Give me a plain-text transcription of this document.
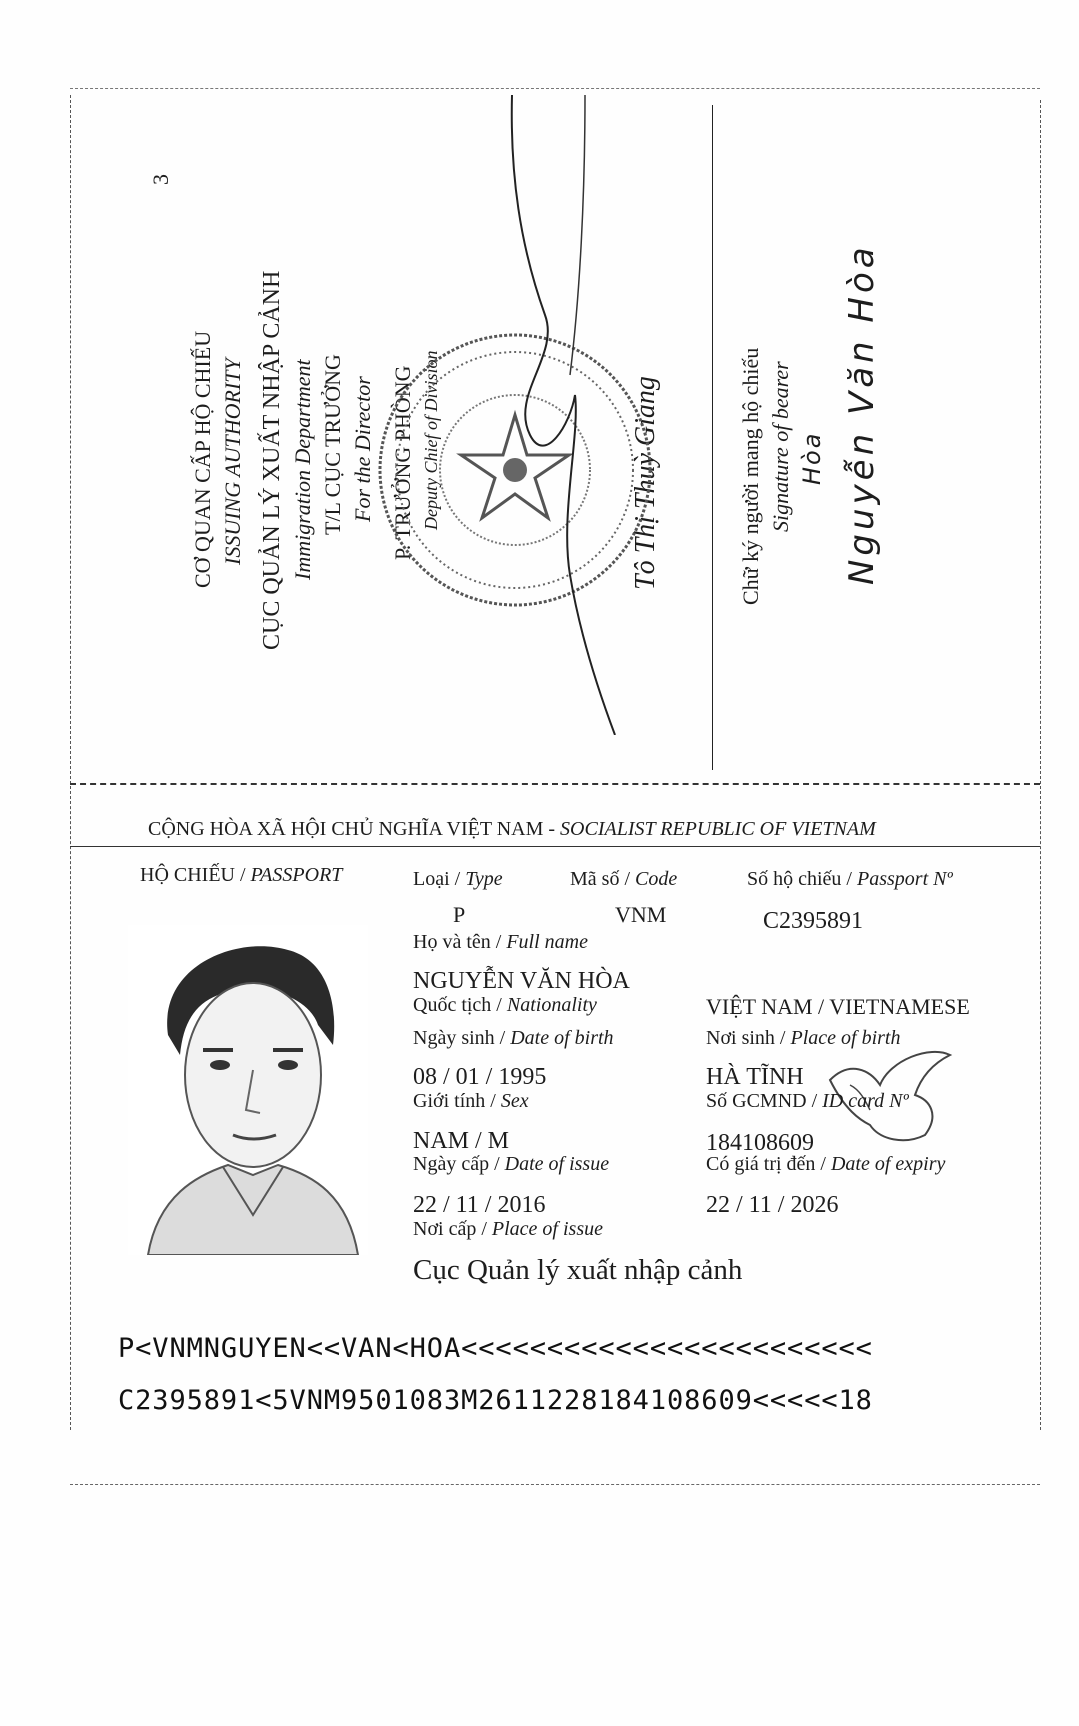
3
CƠ QUAN CẤP HỘ CHIẾU ISSUING AUTHORITY CỤC QUẢN LÝ XUẤT NHẬP CẢNH Immigration Department T/L CỤC TRƯỞNG For the Director P. TRƯỞNG PHÒNG Deputy Chief of Division	Tô Thị Thuỳ Giang	Chữ ký người mang hộ chiếu Signature of bearer Hòa Nguyễn Văn Hòa
CỘNG HÒA XÃ HỘI CHỦ NGHĨA VIỆT NAM - SOCIALIST REPUBLIC OF VIETNAM
HỘ CHIẾU / PASSPORT	Loại / Type	Mã số / Code	Số hộ chiếu / Passport Nº
P	VNM	C2395891
Họ và tên / Full name
NGUYỄN VĂN HÒA
Quốc tịch / Nationality	VIỆT NAM / VIETNAMESE
Ngày sinh / Date of birth	Nơi sinh / Place of birth
08 / 01 / 1995	HÀ TĨNH
Giới tính / Sex	Số GCMND / ID card Nº
NAM / M	184108609
Ngày cấp / Date of issue	Có giá trị đến / Date of expiry
22 / 11 / 2016	22 / 11 / 2026
Nơi cấp / Place of issue
Cục Quản lý xuất nhập cảnh
P<VNMNGUYEN<<VAN<HOA<<<<<<<<<<<<<<<<<<<<<<<<
C2395891<5VNM9501083M2611228184108609<<<<<18
